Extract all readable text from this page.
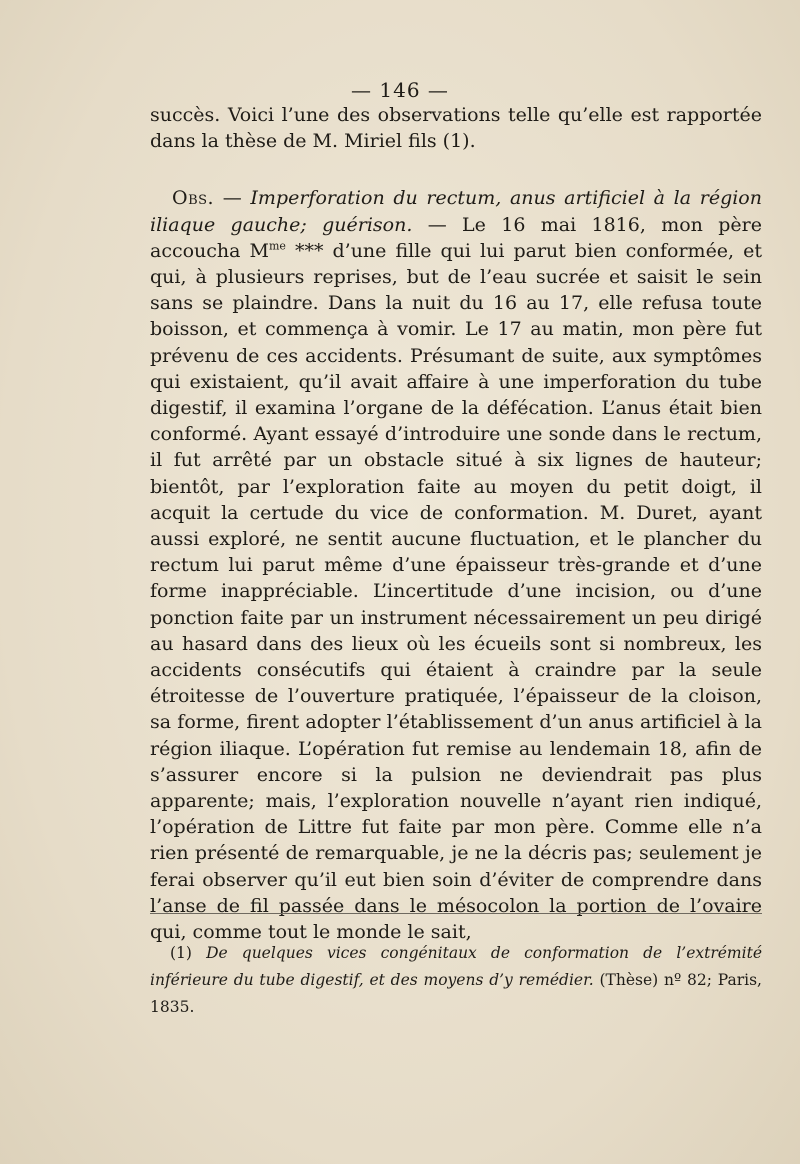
— 146 —

succès. Voici l’une des observations telle qu’elle est rapportée dans la thèse de M. Miriel fils (1).

Obs. — Imperforation du rectum, anus artificiel à la région iliaque gauche; guérison. — Le 16 mai 1816, mon père accoucha $M^{me}$ *** d’une fille qui lui parut bien conformée, et qui, à plusieurs reprises, but de l’eau sucrée et saisit le sein sans se plaindre. Dans la nuit du 16 au 17, elle refusa toute boisson, et commença à vomir. Le 17 au matin, mon père fut prévenu de ces accidents. Présumant de suite, aux symptômes qui existaient, qu’il avait affaire à une imperforation du tube digestif, il examina l’organe de la défécation. L’anus était bien conformé. Ayant essayé d’introduire une sonde dans le rectum, il fut arrêté par un obstacle situé à six lignes de hauteur; bientôt, par l’exploration faite au moyen du petit doigt, il acquit la certude du vice de conformation. M. Duret, ayant aussi exploré, ne sentit aucune fluctuation, et le plancher du rectum lui parut même d’une épaisseur très-grande et d’une forme inappréciable. L’incertitude d’une incision, ou d’une ponction faite par un instrument nécessairement un peu dirigé au hasard dans des lieux où les écueils sont si nombreux, les accidents consécutifs qui étaient à craindre par la seule étroitesse de l’ouverture pratiquée, l’épaisseur de la cloison, sa forme, firent adopter l’établissement d’un anus artificiel à la région iliaque. L’opération fut remise au lendemain 18, afin de s’assurer encore si la pulsion ne deviendrait pas plus apparente; mais, l’exploration nouvelle n’ayant rien indiqué, l’opération de Littre fut faite par mon père. Comme elle n’a rien présenté de remarquable, je ne la décris pas; seulement je ferai observer qu’il eut bien soin d’éviter de comprendre dans l’anse de fil passée dans le mésocolon la portion de l’ovaire qui, comme tout le monde le sait,

(1) De quelques vices congénitaux de conformation de l’extrémité inférieure du tube digestif, et des moyens d’y remédier. (Thèse) nº 82; Paris, 1835.
